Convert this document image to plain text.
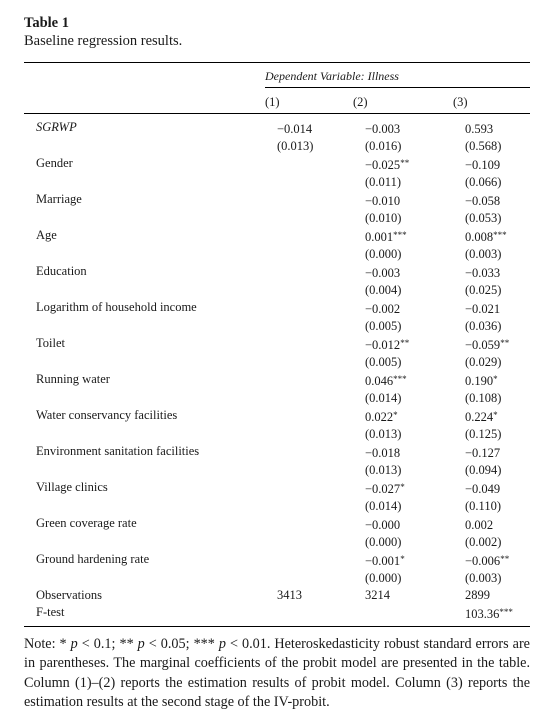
Table 1
Baseline regression results.
Dependent Variable: Illness
(1)	(2)	(3)
SGRWP	−0.014	−0.003	0.593
	(0.013)	(0.016)	(0.568)
Gender		−0.025**	−0.109
		(0.011)	(0.066)
Marriage		−0.010	−0.058
		(0.010)	(0.053)
Age		0.001***	0.008***
		(0.000)	(0.003)
Education		−0.003	−0.033
		(0.004)	(0.025)
Logarithm of household income		−0.002	−0.021
		(0.005)	(0.036)
Toilet		−0.012**	−0.059**
		(0.005)	(0.029)
Running water		0.046***	0.190*
		(0.014)	(0.108)
Water conservancy facilities		0.022*	0.224*
		(0.013)	(0.125)
Environment sanitation facilities		−0.018	−0.127
		(0.013)	(0.094)
Village clinics		−0.027*	−0.049
		(0.014)	(0.110)
Green coverage rate		−0.000	0.002
		(0.000)	(0.002)
Ground hardening rate		−0.001*	−0.006**
		(0.000)	(0.003)
Observations	3413	3214	2899
F-test			103.36***
Note: * p < 0.1; ** p < 0.05; *** p < 0.01. Heteroskedasticity robust standard errors are in parentheses. The marginal coefficients of the probit model are presented in the table. Column (1)–(2) reports the estimation results of probit model. Column (3) reports the estimation results at the second stage of the IV-probit.
